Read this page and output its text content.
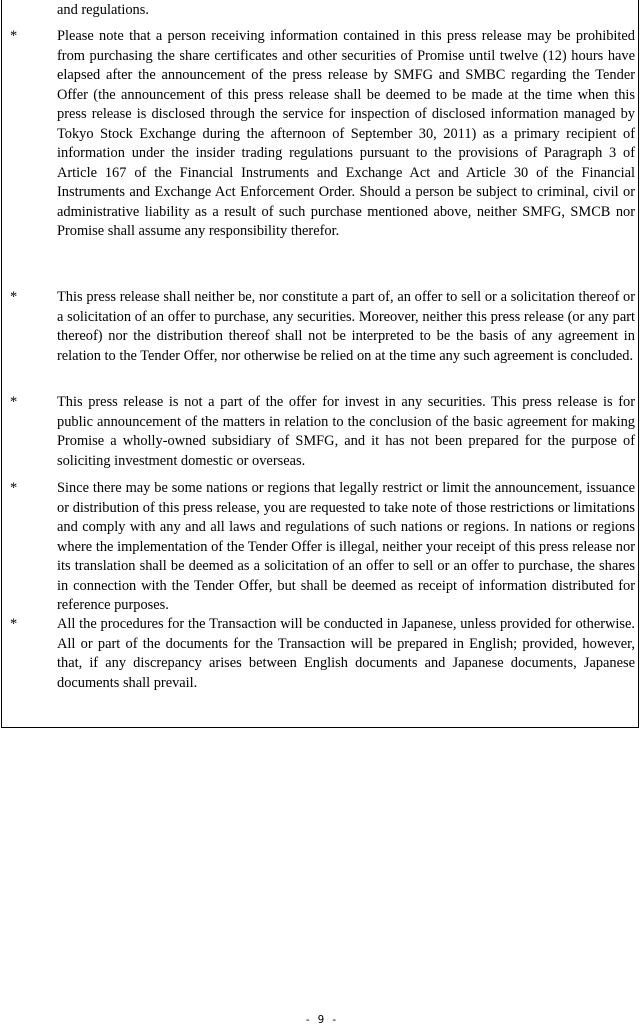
and regulations.

*	Please note that a person receiving information contained in this press release may be prohibited from purchasing the share certificates and other securities of Promise until twelve (12) hours have elapsed after the announcement of the press release by SMFG and SMBC regarding the Tender Offer (the announcement of this press release shall be deemed to be made at the time when this press release is disclosed through the service for inspection of disclosed information managed by Tokyo Stock Exchange during the afternoon of September 30, 2011) as a primary recipient of information under the insider trading regulations pursuant to the provisions of Paragraph 3 of Article 167 of the Financial Instruments and Exchange Act and Article 30 of the Financial Instruments and Exchange Act Enforcement Order. Should a person be subject to criminal, civil or administrative liability as a result of such purchase mentioned above, neither SMFG, SMCB nor Promise shall assume any responsibility therefor.

*	This press release shall neither be, nor constitute a part of, an offer to sell or a solicitation thereof or a solicitation of an offer to purchase, any securities. Moreover, neither this press release (or any part thereof) nor the distribution thereof shall not be interpreted to be the basis of any agreement in relation to the Tender Offer, nor otherwise be relied on at the time any such agreement is concluded.

*	This press release is not a part of the offer for invest in any securities. This press release is for public announcement of the matters in relation to the conclusion of the basic agreement for making Promise a wholly-owned subsidiary of SMFG, and it has not been prepared for the purpose of soliciting investment domestic or overseas.

*	Since there may be some nations or regions that legally restrict or limit the announcement, issuance or distribution of this press release, you are requested to take note of those restrictions or limitations and comply with any and all laws and regulations of such nations or regions. In nations or regions where the implementation of the Tender Offer is illegal, neither your receipt of this press release nor its translation shall be deemed as a solicitation of an offer to sell or an offer to purchase, the shares in connection with the Tender Offer, but shall be deemed as receipt of information distributed for reference purposes.

*	All the procedures for the Transaction will be conducted in Japanese, unless provided for otherwise. All or part of the documents for the Transaction will be prepared in English; provided, however, that, if any discrepancy arises between English documents and Japanese documents, Japanese documents shall prevail.

- 9 -
